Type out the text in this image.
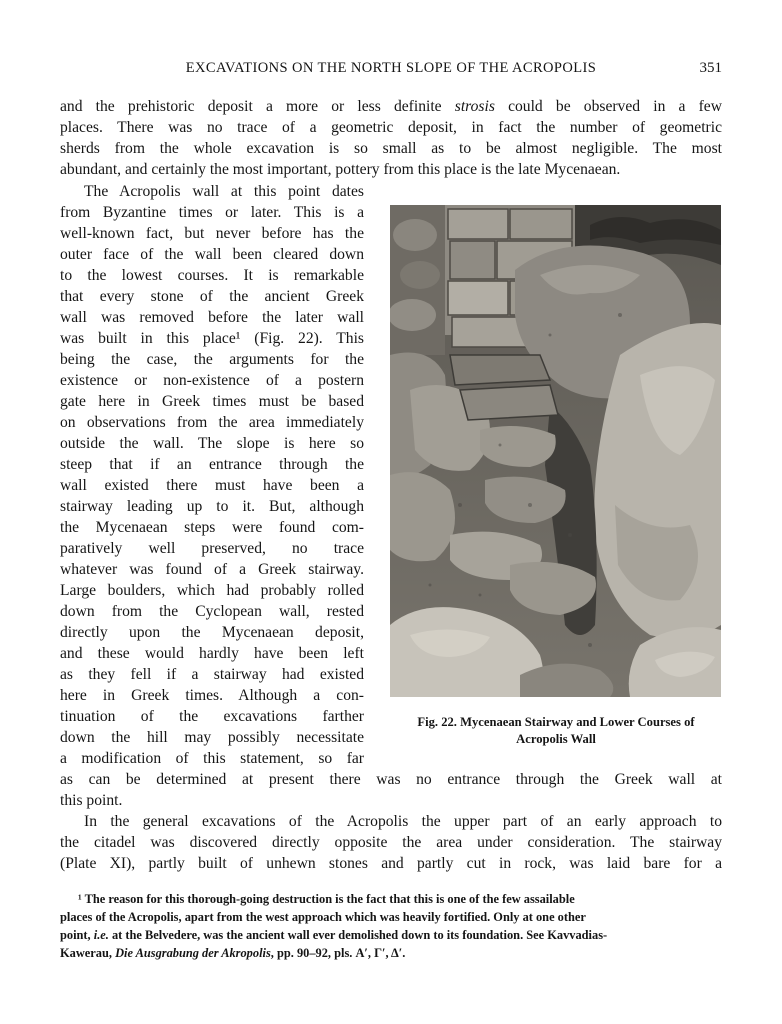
EXCAVATIONS ON THE NORTH SLOPE OF THE ACROPOLIS	351
and the prehistoric deposit a more or less definite strosis could be observed in a few
places. There was no trace of a geometric deposit, in fact the number of geometric
sherds from the whole excavation is so small as to be almost negligible. The most
abundant, and certainly the most important, pottery from this place is the late Mycenaean.
The Acropolis wall at this point dates
from Byzantine times or later. This is a
well-known fact, but never before has the
outer face of the wall been cleared down
to the lowest courses. It is remarkable
that every stone of the ancient Greek
wall was removed before the later wall
was built in this place¹ (Fig. 22). This
being the case, the arguments for the
existence or non-existence of a postern
gate here in Greek times must be based
on observations from the area immediately
outside the wall. The slope is here so
steep that if an entrance through the
wall existed there must have been a
stairway leading up to it. But, although
the Mycenaean steps were found com-
paratively well preserved, no trace
whatever was found of a Greek stairway.
Large boulders, which had probably rolled
down from the Cyclopean wall, rested
directly upon the Mycenaean deposit,
and these would hardly have been left
as they fell if a stairway had existed
here in Greek times. Although a con-
tinuation of the excavations farther
down the hill may possibly necessitate
a modification of this statement, so far
as can be determined at present there was no entrance through the Greek wall at
this point.
In the general excavations of the Acropolis the upper part of an early approach to
the citadel was discovered directly opposite the area under consideration. The stairway
(Plate XI), partly built of unhewn stones and partly cut in rock, was laid bare for a
Fig. 22. Mycenaean Stairway and Lower Courses of
Acropolis Wall
¹ The reason for this thorough-going destruction is the fact that this is one of the few assailable
places of the Acropolis, apart from the west approach which was heavily fortified. Only at one other
point, i.e. at the Belvedere, was the ancient wall ever demolished down to its foundation. See Kavvadias-
Kawerau, Die Ausgrabung der Akropolis, pp. 90–92, pls. Α′, Γ′, Δ′.
